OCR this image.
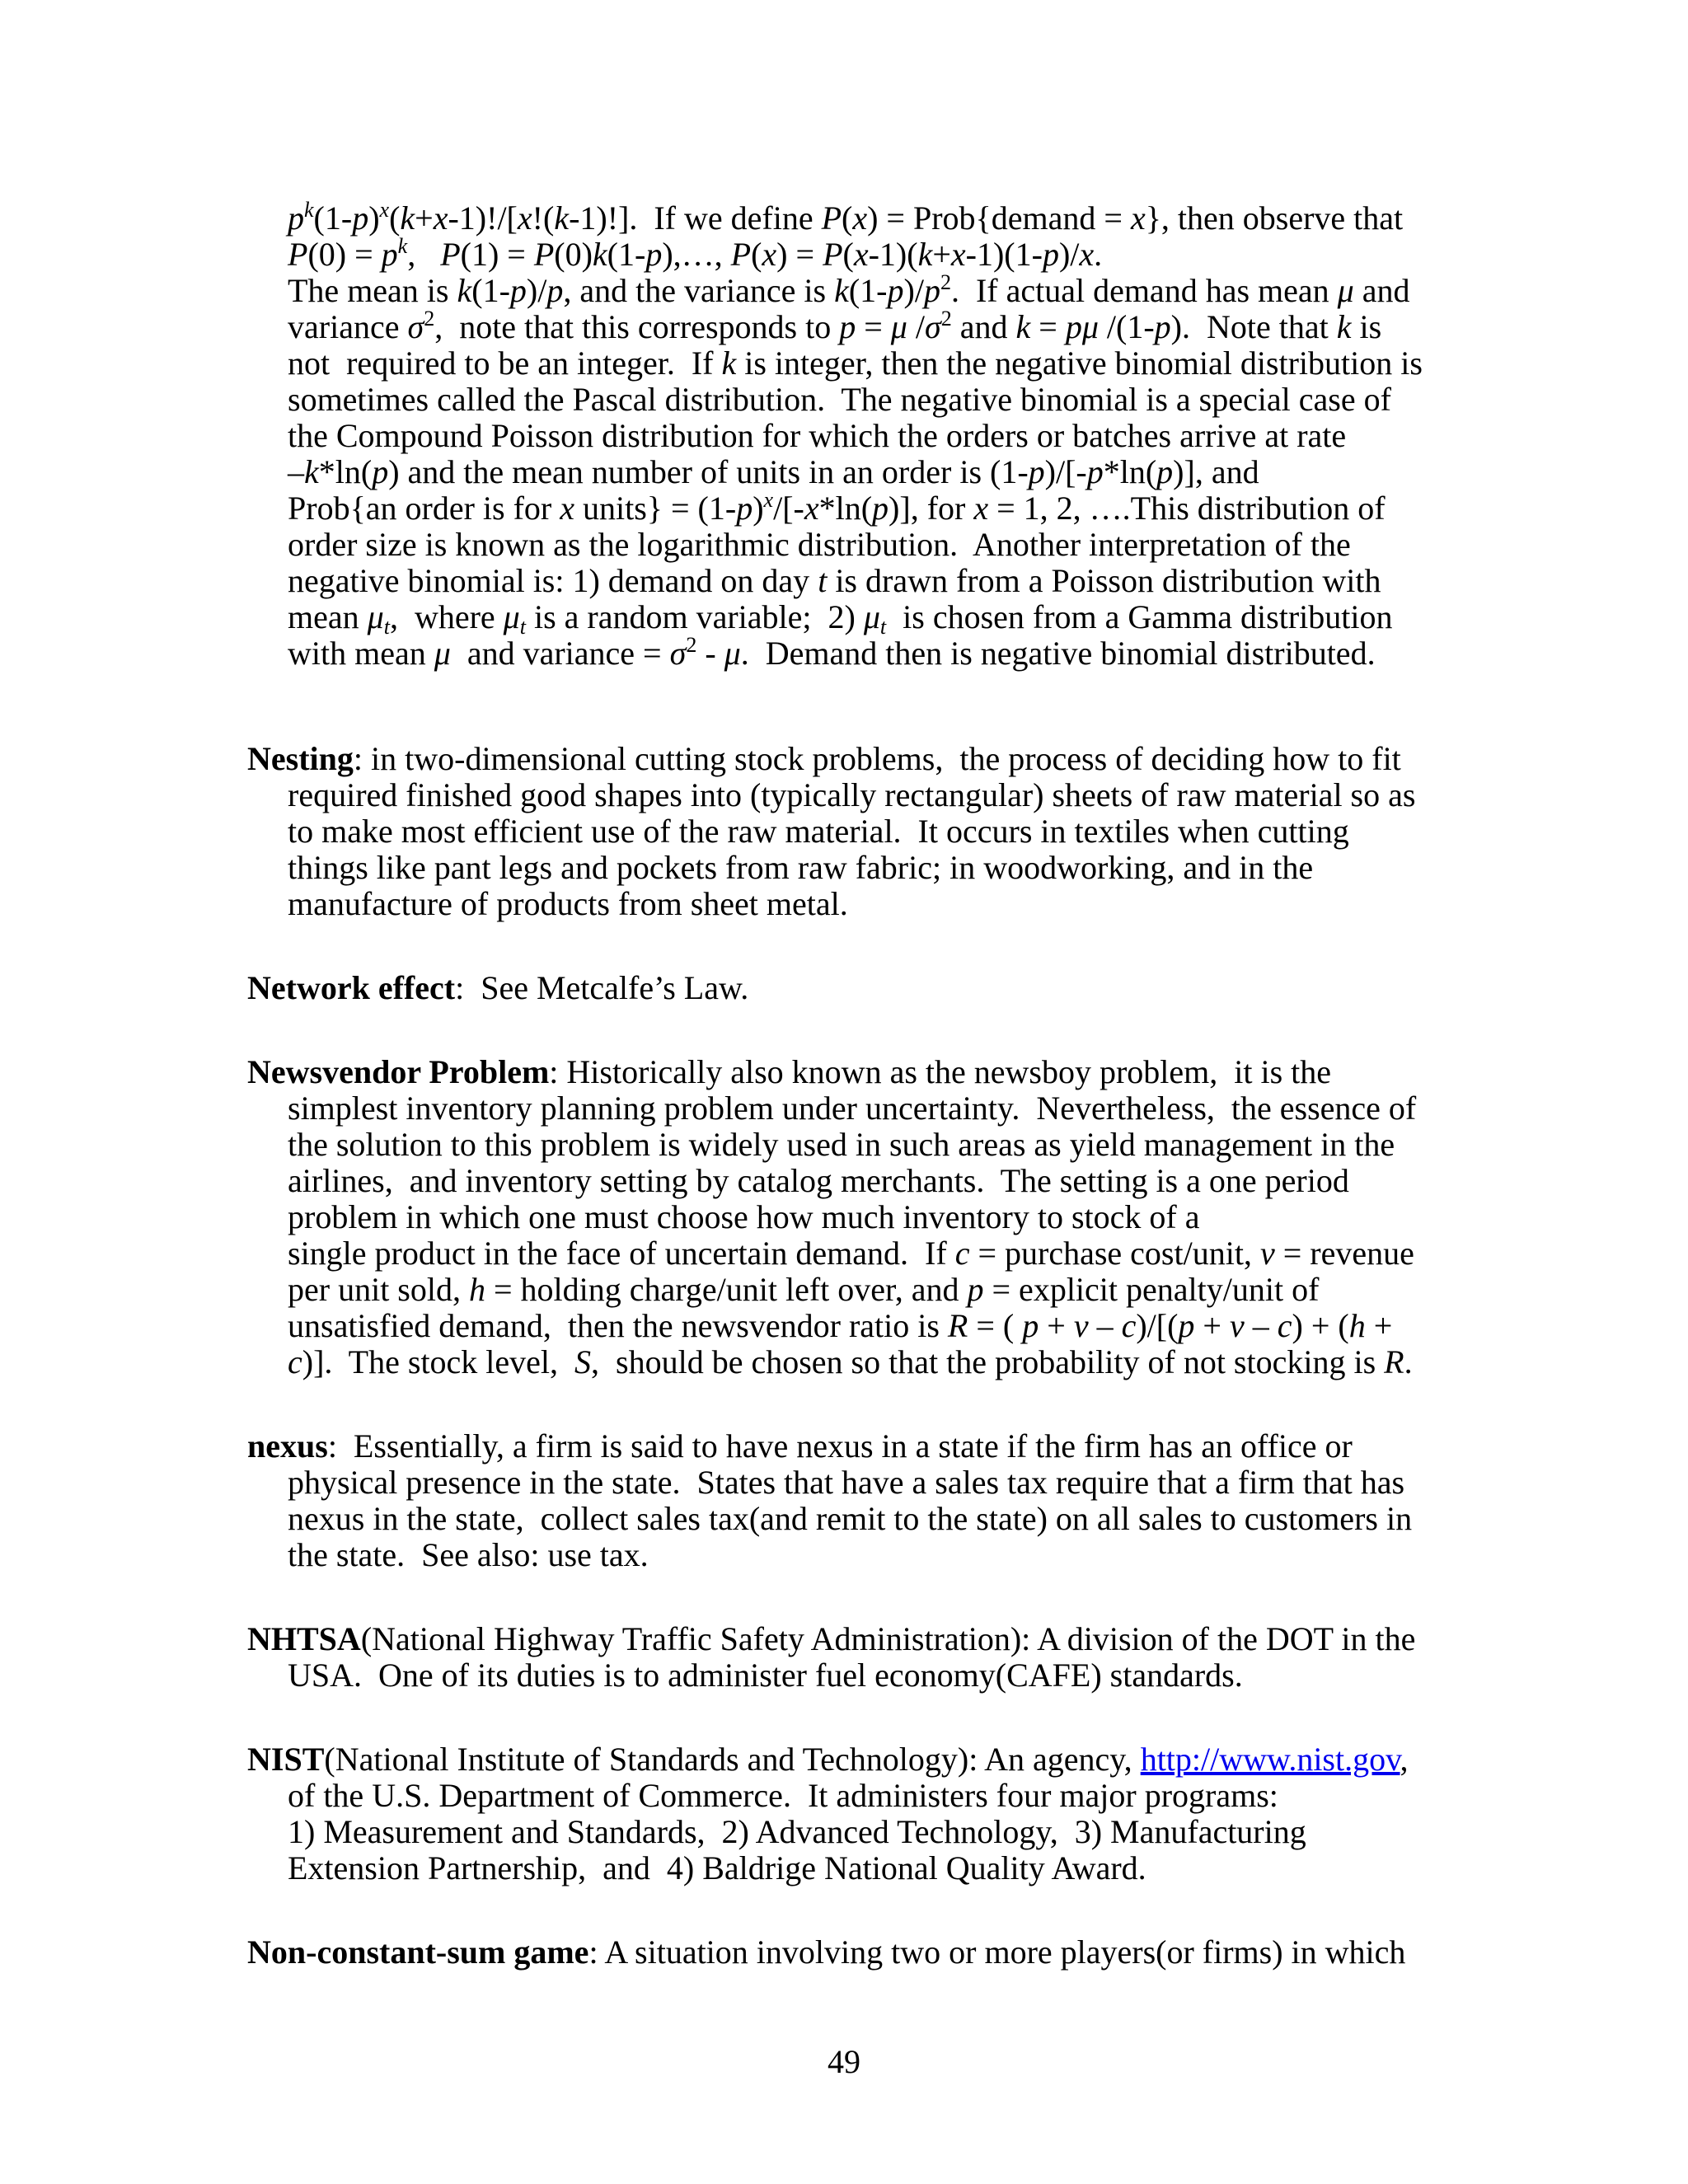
$p^k(1-p)^x(k+x-1)!/[x!(k-1)!]$.  If we define P(x) = Prob{demand = x}, then observe that
$P(0) = p^k$,   P(1) = P(0)k(1-p),…, P(x) = P(x-1)(k+x-1)(1-p)/x.
The mean is k(1-p)/p, and the variance is $k(1-p)/p^2$.  If actual demand has mean μ and
variance $\sigma^2$,  note that this corresponds to p = μ $/\sigma^2$ and k = pμ /(1-p).  Note that k is
not  required to be an integer.  If k is integer, then the negative binomial distribution is
sometimes called the Pascal distribution.  The negative binomial is a special case of
the Compound Poisson distribution for which the orders or batches arrive at rate
–k*ln(p) and the mean number of units in an order is (1-p)/[-p*ln(p)], and
Prob{an order is for x units} = $(1-p)^x/[-x*\ln(p)]$, for x = 1, 2, ….This distribution of
order size is known as the logarithmic distribution.  Another interpretation of the
negative binomial is: 1) demand on day t is drawn from a Poisson distribution with
mean μt,  where μt is a random variable;  2) μt  is chosen from a Gamma distribution
with mean μ  and variance = $\sigma^2$ - μ.  Demand then is negative binomial distributed.
Nesting: in two-dimensional cutting stock problems,  the process of deciding how to fit
required finished good shapes into (typically rectangular) sheets of raw material so as
to make most efficient use of the raw material.  It occurs in textiles when cutting
things like pant legs and pockets from raw fabric; in woodworking, and in the
manufacture of products from sheet metal.
Network effect:  See Metcalfe’s Law.
Newsvendor Problem: Historically also known as the newsboy problem,  it is the
simplest inventory planning problem under uncertainty.  Nevertheless,  the essence of
the solution to this problem is widely used in such areas as yield management in the
airlines,  and inventory setting by catalog merchants.  The setting is a one period
problem in which one must choose how much inventory to stock of a
single product in the face of uncertain demand.  If c = purchase cost/unit, v = revenue
per unit sold, h = holding charge/unit left over, and p = explicit penalty/unit of
unsatisfied demand,  then the newsvendor ratio is R = ( p + v – c)/[(p + v – c) + (h +
c)].  The stock level,  S,  should be chosen so that the probability of not stocking is R.
nexus:  Essentially, a firm is said to have nexus in a state if the firm has an office or
physical presence in the state.  States that have a sales tax require that a firm that has
nexus in the state,  collect sales tax(and remit to the state) on all sales to customers in
the state.  See also: use tax.
NHTSA(National Highway Traffic Safety Administration): A division of the DOT in the
USA.  One of its duties is to administer fuel economy(CAFE) standards.
NIST(National Institute of Standards and Technology): An agency, http://www.nist.gov,
of the U.S. Department of Commerce.  It administers four major programs:
1) Measurement and Standards,  2) Advanced Technology,  3) Manufacturing
Extension Partnership,  and  4) Baldrige National Quality Award.
Non-constant-sum game: A situation involving two or more players(or firms) in which
49
